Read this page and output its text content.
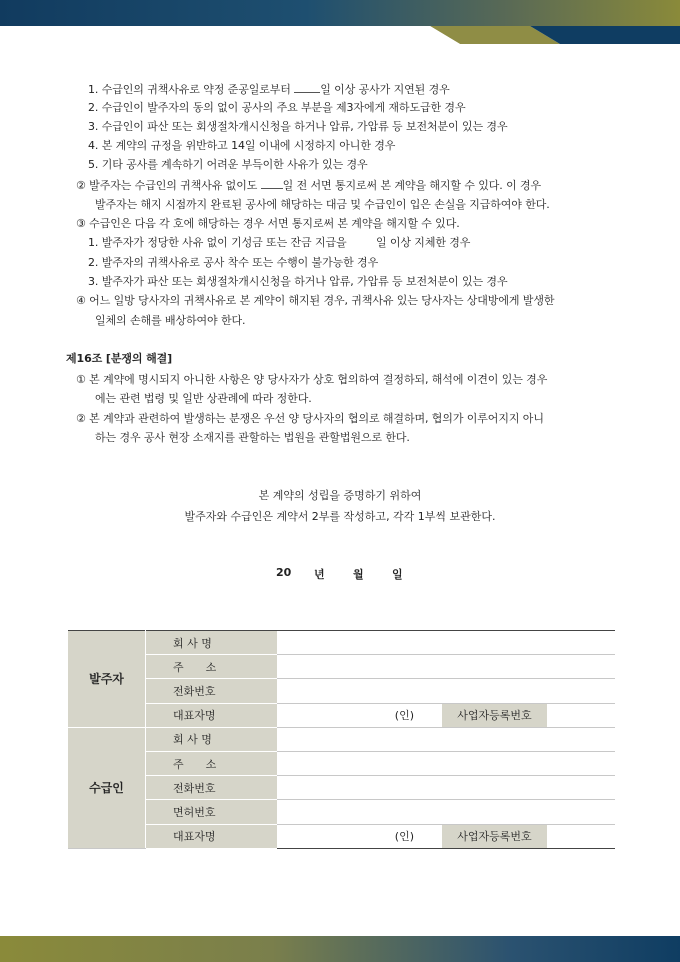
1. 수급인의 귀책사유로 약정 준공일로부터	일 이상 공사가 지연된 경우
2. 수급인이 발주자의 동의 없이 공사의 주요 부분을 제3자에게 재하도급한 경우
3. 수급인이 파산 또는 회생절차개시신청을 하거나 압류, 가압류 등 보전처분이 있는 경우
4. 본 계약의 규정을 위반하고 14일 이내에 시정하지 아니한 경우
5. 기타 공사를 계속하기 어려운 부득이한 사유가 있는 경우
② 발주자는 수급인의 귀책사유 없이도 일 전 서면 통지로써 본 계약을 해지할 수 있다. 이 경우
발주자는 해지 시점까지 완료된 공사에 해당하는 대금 및 수급인이 입은 손실을 지급하여야 한다.
③ 수급인은 다음 각 호에 해당하는 경우 서면 통지로써 본 계약을 해지할 수 있다.
1. 발주자가 정당한 사유 없이 기성금 또는 잔금 지급을	일 이상 지체한 경우
2. 발주자의 귀책사유로 공사 착수 또는 수행이 불가능한 경우
3. 발주자가 파산 또는 회생절차개시신청을 하거나 압류, 가압류 등 보전처분이 있는 경우
④ 어느 일방 당사자의 귀책사유로 본 계약이 해지된 경우, 귀책사유 있는 당사자는 상대방에게 발생한
일체의 손해를 배상하여야 한다.
제16조 [분쟁의 해결]
① 본 계약에 명시되지 아니한 사항은 양 당사자가 상호 협의하여 결정하되, 해석에 이견이 있는 경우
에는 관련 법령 및 일반 상관례에 따라 정한다.
② 본 계약과 관련하여 발생하는 분쟁은 우선 양 당사자의 협의로 해결하며, 협의가 이루어지지 아니
하는 경우 공사 현장 소재지를 관할하는 법원을 관할법원으로 한다.
본 계약의 성립을 증명하기 위하여
발주자와 수급인은 계약서 2부를 작성하고, 각각 1부씩 보관한다.
20 년	월	일
발주자	회 사 명			
	주　　소			
	전화번호			
	대표자명	(인)	사업자등록번호	
수급인	회 사 명			
	주　　소			
	전화번호			
	면허번호			
	대표자명	(인)	사업자등록번호	
